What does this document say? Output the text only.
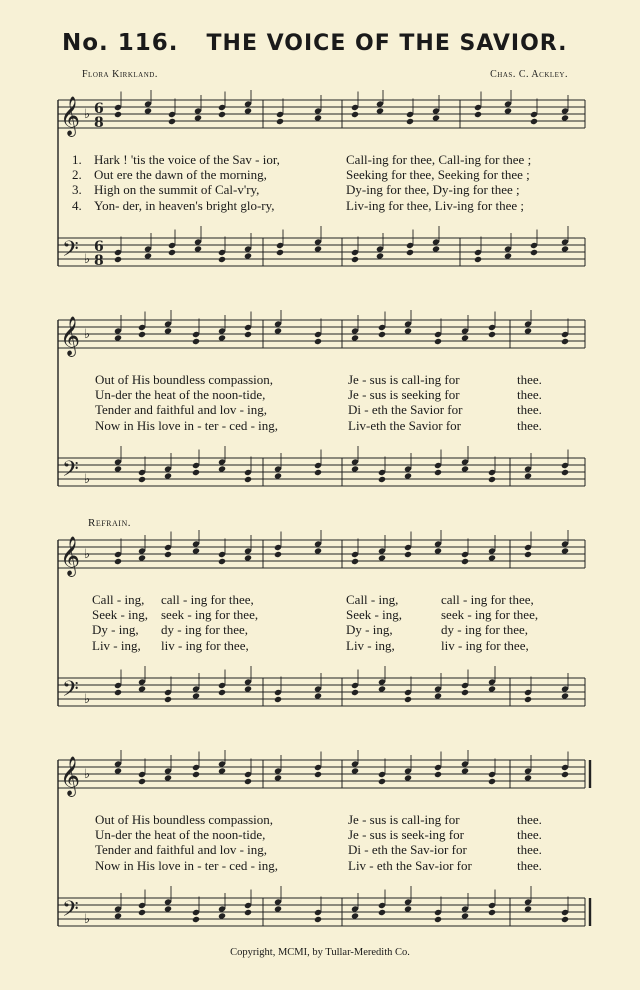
No. 116. THE VOICE OF THE SAVIOR.
Flora Kirkland.	Chas. C. Ackley.
𝄞
𝄢
♭
♭
6
8
6
8
1. Hark ! 'tis the voice of the Sav - ior,	Call-ing for thee, Call-ing for thee ;
2. Out ere the dawn of the morning,	Seeking for thee, Seeking for thee ;
3. High on the summit of Cal-v'ry,	Dy-ing for thee, Dy-ing for thee ;
4. Yon- der, in heaven's bright glo-ry,	Liv-ing for thee, Liv-ing for thee ;
𝄞
𝄢
♭
♭
Out of His boundless compassion,	Je - sus is call-ing for	thee.
Un-der the heat of the noon-tide,	Je - sus is seeking for	thee.
Tender and faithful and lov - ing,	Di - eth the Savior for	thee.
Now in His love in - ter - ced - ing,	Liv-eth the Savior for	thee.
Refrain.
𝄞
𝄢
♭
♭
Call - ing,	call - ing for thee,	Call - ing,	call - ing for thee,
Seek - ing,	seek - ing for thee,	Seek - ing,	seek - ing for thee,
Dy - ing,	dy - ing for thee,	Dy - ing,	dy - ing for thee,
Liv - ing,	liv - ing for thee,	Liv - ing,	liv - ing for thee,
𝄞
𝄢
♭
♭
Out of His boundless compassion,	Je - sus is call-ing for	thee.
Un-der the heat of the noon-tide,	Je - sus is seek-ing for	thee.
Tender and faithful and lov - ing,	Di - eth the Sav-ior for	thee.
Now in His love in - ter - ced - ing,	Liv - eth the Sav-ior for	thee.
Copyright, MCMI, by Tullar-Meredith Co.
